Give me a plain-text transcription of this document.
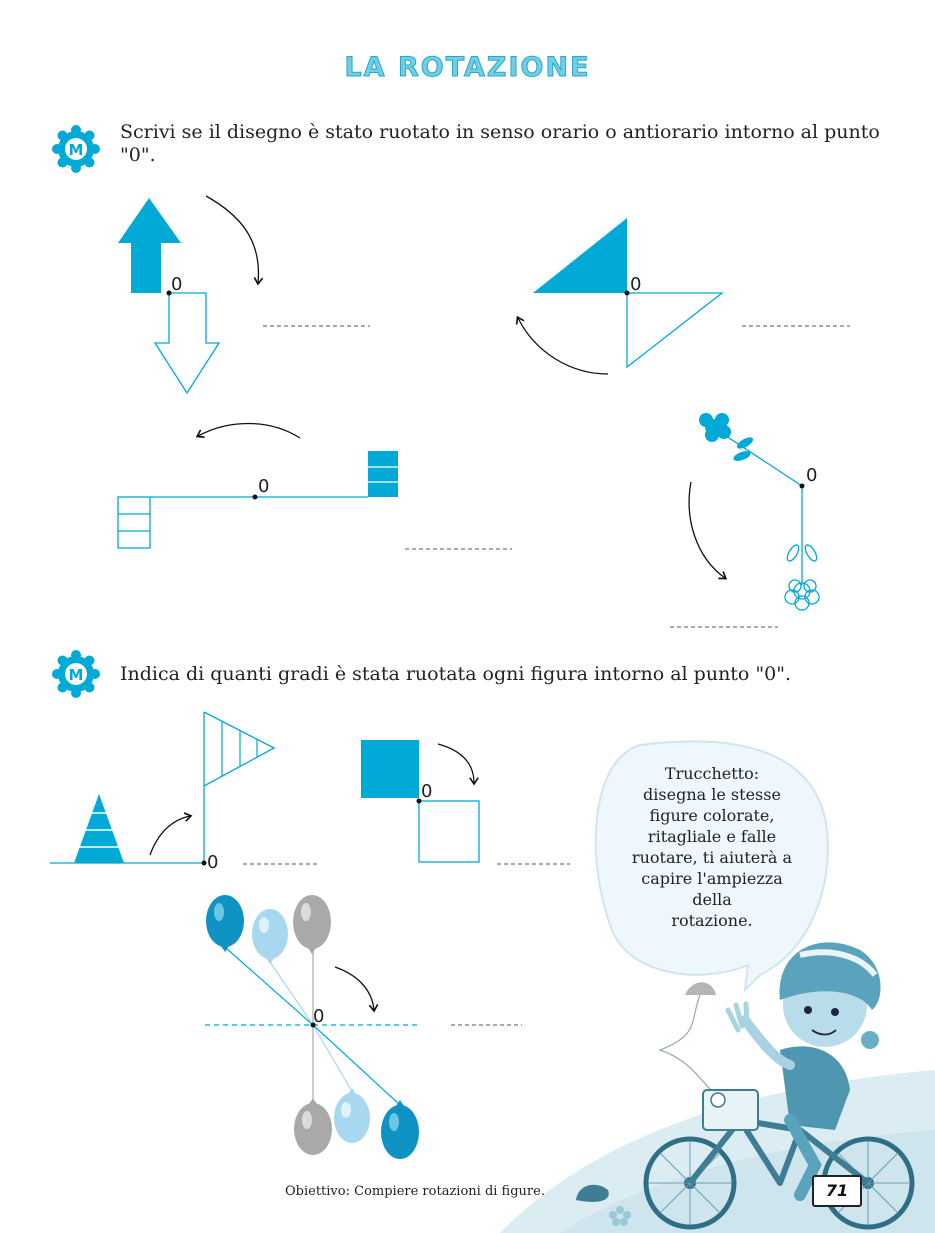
LA ROTAZIONE
M
Scrivi se il disegno è stato ruotato in senso orario o antiorario intorno al punto "0".
M Indica di quanti gradi è stata ruotata ogni figura intorno al punto "0".
0	0
0
0
0
0
0
Trucchetto:
disegna le stesse
figure colorate,
ritagliale e falle
ruotare, ti aiuterà a
capire l'ampiezza
della
rotazione.
Obiettivo: Compiere rotazioni di figure.	71
